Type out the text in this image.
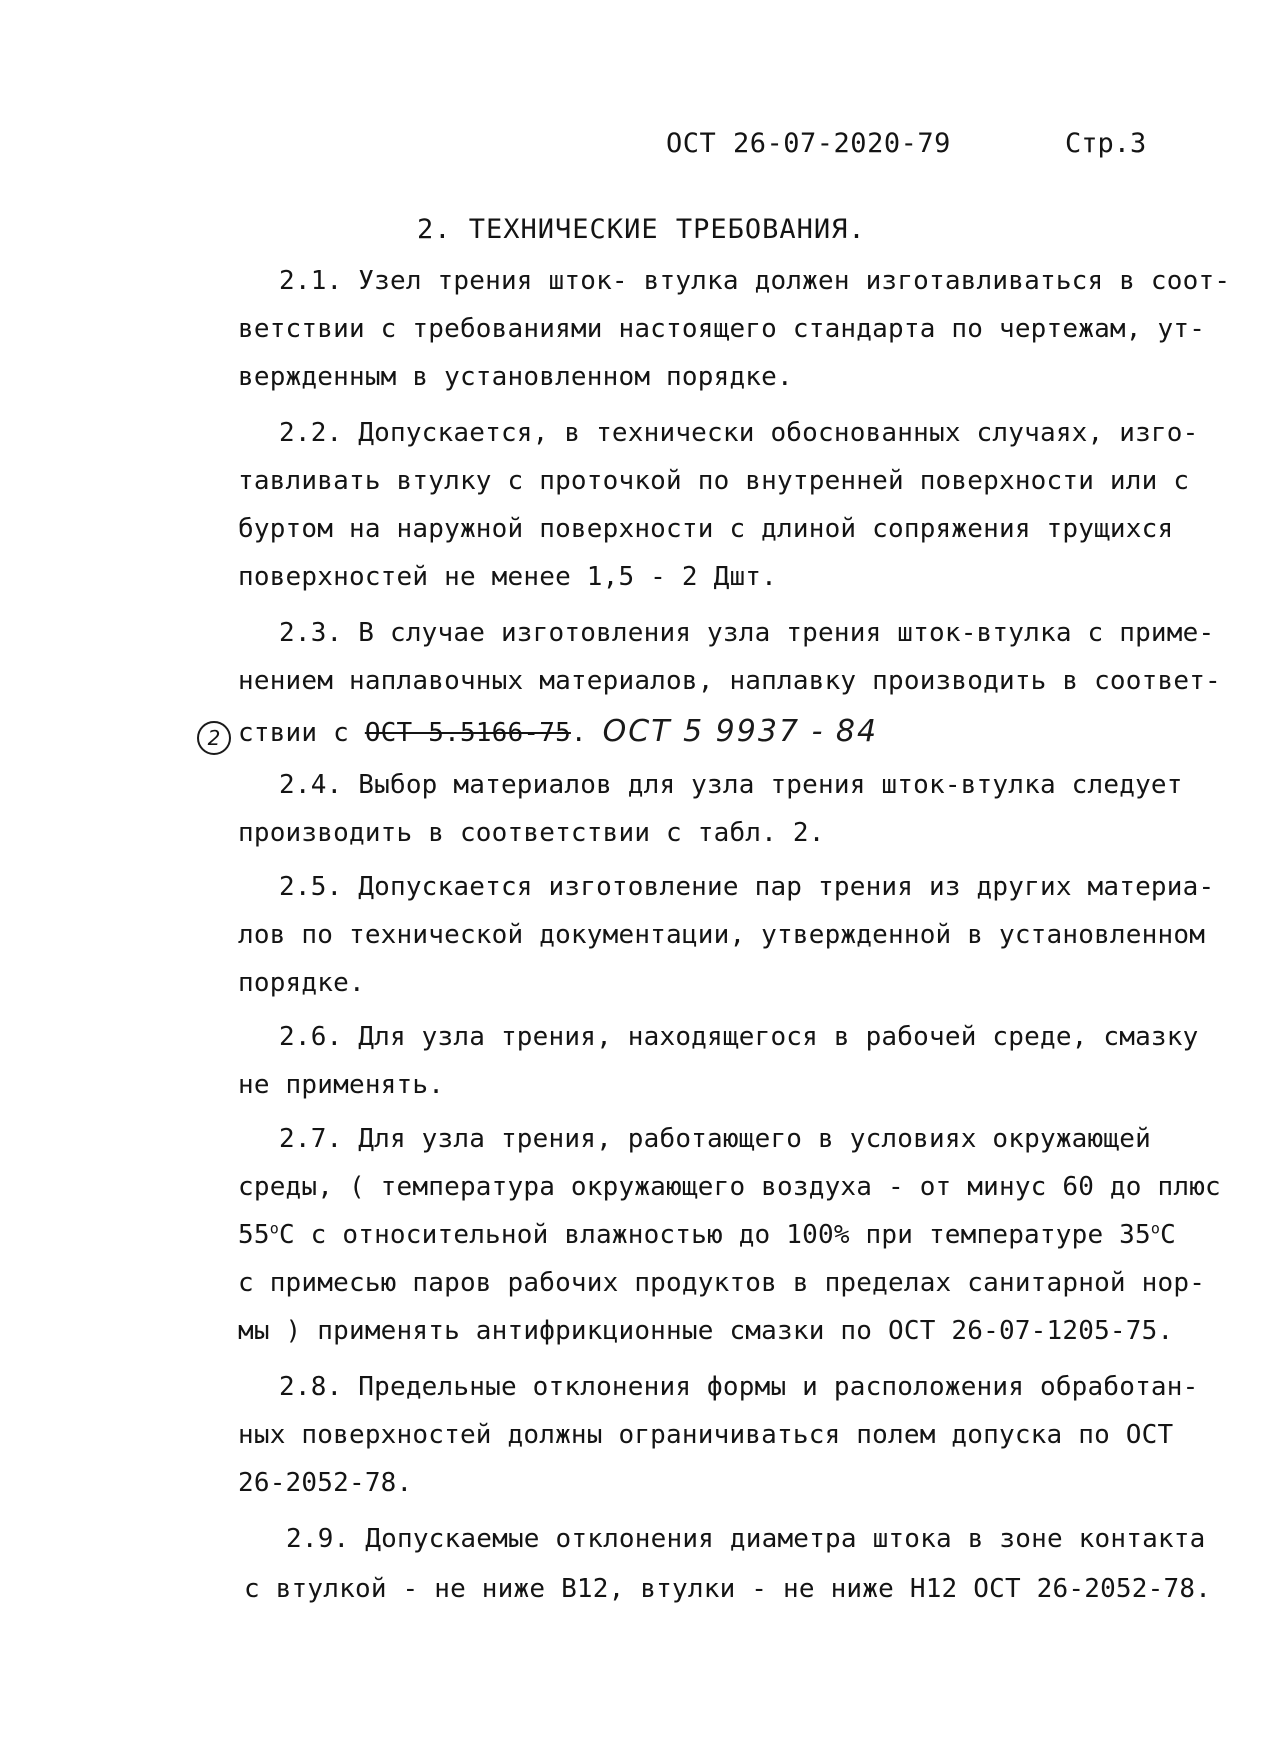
ОСТ 26-07-2020-79	Стр.3
2. ТЕХНИЧЕСКИЕ ТРЕБОВАНИЯ.
2.1. Узел трения шток- втулка должен изготавливаться в соот-
ветствии с требованиями настоящего стандарта по чертежам, ут-
вержденным в установленном порядке.
2.2. Допускается, в технически обоснованных случаях, изго-
тавливать втулку с проточкой по внутренней поверхности или с
буртом на наружной поверхности с длиной сопряжения трущихся
поверхностей не менее 1,5 - 2 Дшт.
2.3. В случае изготовления узла трения шток-втулка с приме-
нением наплавочных материалов, наплавку производить в соответ-
2 ствии с ОСТ 5.5166-75. ОСТ 5 9937 - 84
2.4. Выбор материалов для узла трения шток-втулка следует
производить в соответствии с табл. 2.
2.5. Допускается изготовление пар трения из других материа-
лов по технической документации, утвержденной в установленном
порядке.
2.6. Для узла трения, находящегося в рабочей среде, смазку
не применять.
2.7. Для узла трения, работающего в условиях окружающей
среды, ( температура окружающего воздуха - от минус 60 до плюс
$55^оС$ с относительной влажностью до 100% при температуре $35^оС$
с примесью паров рабочих продуктов в пределах санитарной нор-
мы ) применять антифрикционные смазки по ОСТ 26-07-1205-75.
2.8. Предельные отклонения формы и расположения обработан-
ных поверхностей должны ограничиваться полем допуска по ОСТ
26-2052-78.
2.9. Допускаемые отклонения диаметра штока в зоне контакта
с втулкой - не ниже В12, втулки - не ниже Н12 ОСТ 26-2052-78.
